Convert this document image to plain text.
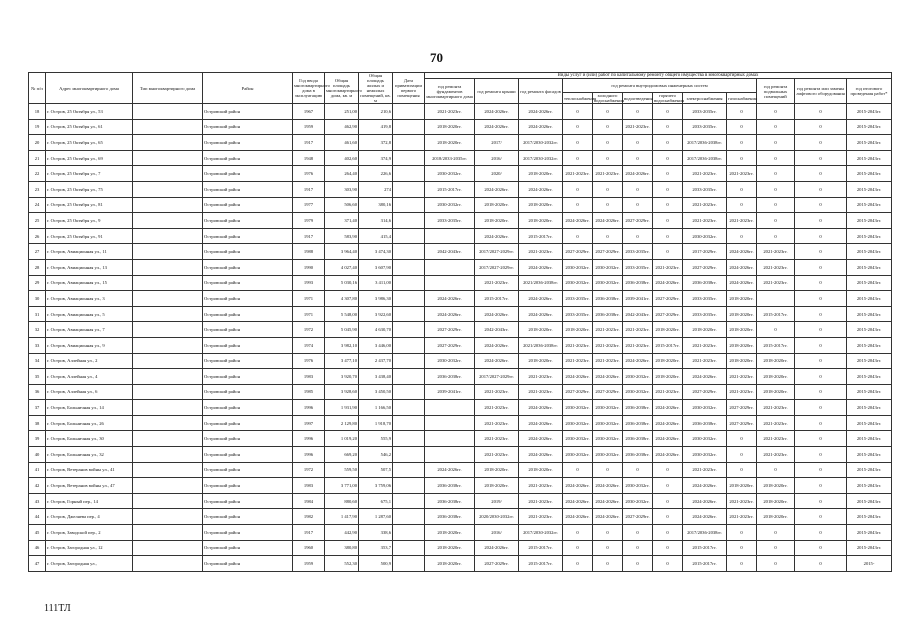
70
№ п/п	Адрес многоквартирного дома	Тип многоквартирного дома	Район	Год ввода многоквартирного дома в эксплуатацию	Общая площадь многоквартирного дома, кв. м	Общая площадь жилых и нежилых помещений, кв. м	Дата приватизации первого помещения	Виды услуг и (или) работ по капитальному ремонту общего имущества в многоквартирных домах											
								год ремонта фундаментов многоквартирного дома	год ремонта крыши	год ремонта фасадов	год ремонта внутридомовых инженерных систем						год ремонта подвальных помещений	год ремонта или замены лифтового оборудования	год итогового проведения работ*
											теплоснабжения	холодного водоснабжения	водоотведения	горячего водоснабжения	электроснабжения	газоснабжения			
18	г. Остров, 25 Октября ул., 53		Островский район	1967	251,00	210,6		2021-2023гг.	2024-2026гг.	2024-2026гг.	0	0	0	0	2033-2035гг.	0	0	0	2015-2043гг.
19	г. Остров, 25 Октября ул., 61		Островский район	1959	462,90	419,8		2018-2020гг.	2024-2026гг.	2024-2026гг.	0	0	2021-2023гг.	0	2033-2035гг.	0	0	0	2015-2043гг.
20	г. Остров, 25 Октября ул., 65		Островский район	1917	461,60	372,8		2018-2020гг.	2017/	2017/2030-2032гг.	0	0	0	0	2017/2036-2038гг.	0	0	0	2015-2043гг.
21	г. Остров, 25 Октября ул., 69		Островский район	1948	402,60	374,9		2018/2033-2035гг.	2016/	2017/2030-2032гг.	0	0	0	0	2017/2036-2038гг.	0	0	0	2015-2043гг.
22	г. Остров, 25 Октября ул., 7		Островский район	1976	264,40	226,6		2030-2032гг.	2020/	2018-2020гг.	2021-2023гг.	2021-2023гг.	2024-2026гг.	0	2021-2023гг.	2021-2023гг.	0	0	2015-2043гг.
23	г. Остров, 25 Октября ул., 75		Островский район	1917	303,90	274		2015-2017гг.	2024-2026гг.	2024-2026гг.	0	0	0	0	2033-2035гг.	0	0	0	2015-2043гг.
24	г. Остров, 25 Октября ул., 81		Островский район	1977	506,60	380,16		2030-2032гг.	2018-2020гг.	2018-2020гг.	0	0	0	0	2021-2023гг.	0	0	0	2015-2043гг.
25	г. Остров, 25 Октября ул., 9		Островский район	1979	371,40	314,6		2033-2035гг.	2018-2020гг.	2018-2020гг.	2024-2026гг.	2024-2026гг.	2027-2029гг.	0	2021-2023гг.	2021-2023гг.	0	0	2015-2043гг.
26	г. Остров, 25 Октября ул., 91		Островский район	1917	583,90	415,4			2024-2026гг.	2015-2017гг.	0	0	0	0	2030-2032гг.	0	0	0	2015-2043гг.
27	г. Остров, Авиационная ул., 11		Островский район	1988	3 964,40	3 474,30		2042-2043гг.	2017/2027-2029гг.	2021-2023гг.	2027-2029гг.	2027-2029гг.	2033-2035гг.	0	2017-2029гг.	2024-2026гг.	2021-2023гг.	0	2015-2043гг.
28	г. Остров, Авиационная ул., 13		Островский район	1990	4 027,40	3 607,90			2017/2027-2029гг.	2024-2026гг.	2030-2032гг.	2030-2032гг.	2033-2035гг.	2021-2023гг.	2027-2029гг.	2024-2026гг.	2021-2023гг.	0	2015-2043гг.
29	г. Остров, Авиационная ул., 15		Островский район	1993	5 030,16	3 411,00			2021-2023гг.	2021/2036-2038гг.	2030-2032гг.	2030-2032гг.	2036-2038гг.	2024-2026гг.	2036-2038гг.	2024-2026гг.	2021-2023гг.	0	2015-2043гг.
30	г. Остров, Авиационная ул., 3		Островский район	1971	4 307,80	3 986,30		2024-2026гг.	2015-2017гг.	2024-2026гг.	2033-2035гг.	2036-2038гг.	2039-2041гг.	2027-2029гг.	2033-2035гг.	2018-2020гг.		0	2015-2043гг.
31	г. Остров, Авиационная ул., 5		Островский район	1971	5 548,00	3 922,60		2024-2026гг.	2024-2026гг.	2024-2026гг.	2033-2035гг.	2036-2038гг.	2042-2043гг.	2027-2029гг.	2033-2035гг.	2018-2020гг.	2015-2017гг.	0	2015-2043гг.
32	г. Остров, Авиационная ул., 7		Островский район	1972	5 045,90	4 630,70		2027-2029гг.	2042-2043гг.	2018-2020гг.	2018-2020гг.	2021-2023гг.	2021-2023гг.	2018-2020гг.	2018-2020гг.	2018-2020гг.	0	0	2015-2043гг.
33	г. Остров, Авиационная ул., 9		Островский район	1974	3 982,10	3 446,00		2027-2029гг.	2024-2026гг.	2021/2036-2038гг.	2021-2023гг.	2021-2023гг.	2021-2023гг.	2015-2017гг.	2021-2023гг.	2018-2020гг.	2015-2017гг.	0	2015-2043гг.
34	г. Остров, Аллейная ул., 2		Островский район	1976	3 477,10	2 437,70		2030-2032гг.	2024-2026гг.	2018-2020гг.	2021-2023гг.	2021-2023гг.	2024-2026гг.	2018-2020гг.	2021-2023гг.	2018-2020гг.	2018-2020гг.	0	2015-2043гг.
35	г. Остров, Аллейная ул., 4		Островский район	1983	3 920,70	3 438,40		2036-2038гг.	2017/2027-2029гг.	2021-2023гг.	2024-2026гг.	2024-2026гг.	2030-2032гг.	2018-2020гг.	2024-2026гг.	2021-2023гг.	2018-2020гг.	0	2015-2043гг.
36	г. Остров, Аллейная ул., 6		Островский район	1985	3 928,60	3 450,50		2039-2041гг.	2021-2023гг.	2021-2023гг.	2027-2029гг.	2027-2029гг.	2030-2032гг.	2021-2023гг.	2027-2029гг.	2021-2023гг.	2018-2020гг.	0	2015-2043гг.
37	г. Остров, Больничная ул., 14		Островский район	1996	1 931,90	1 166,50			2021-2023гг.	2024-2026гг.	2030-2032гг.	2030-2032гг.	2036-2038гг.	2024-2026гг.	2030-2032гг.	2027-2029гг.	2021-2023гг.	0	2015-2043гг.
38	г. Остров, Больничная ул., 26		Островский район	1997	2 129,80	1 918,70			2021-2023гг.	2024-2026гг.	2030-2032гг.	2030-2032гг.	2036-2038гг.	2024-2026гг.	2036-2038гг.	2027-2029гг.	2021-2023гг.	0	2015-2043гг.
39	г. Остров, Больничная ул., 30		Островский район	1996	1 019,20	555,9			2021-2023гг.	2024-2026гг.	2030-2032гг.	2030-2032гг.	2036-2038гг.	2024-2026гг.	2030-2032гг.	0	2021-2023гг.	0	2015-2043гг.
40	г. Остров, Больничная ул., 32		Островский район	1996	669,20	546,2			2021-2023гг.	2024-2026гг.	2030-2032гг.	2030-2032гг.	2036-2038гг.	2024-2026гг.	2030-2032гг.	0	2021-2023гг.	0	2015-2043гг.
41	г. Остров, Ветеранов войны ул., 41		Островский район	1972	559,50	507,5		2024-2026гг.	2018-2020гг.	2018-2020гг.	0	0	0	0	2021-2023гг.	0	0	0	2015-2043гг.
42	г. Остров, Ветеранов войны ул., 47		Островский район	1983	3 771,00	3 759,06		2036-2038гг.	2018-2020гг.	2021-2023гг.	2024-2026гг.	2024-2026гг.	2030-2032гг.	0	2024-2026гг.	2018-2020гг.	2018-2020гг.	0	2015-2043гг.
43	г. Остров, Горный пер., 14		Островский район	1984	880,60	675,1		2036-2038гг.	2019/	2021-2023гг.	2024-2026гг.	2024-2026гг.	2030-2032гг.	0	2024-2026гг.	2021-2023гг.	2018-2020гг.	0	2015-2043гг.
44	г. Остров, Джеляева пер., 4		Островский район	1982	1 417,90	1 287,60		2036-2038гг.	2020/2030-2032гг.	2021-2023гг.	2024-2026гг.	2024-2026гг.	2027-2029гг.	0	2024-2026гг.	2021-2023гг.	2018-2020гг.	0	2015-2043гг.
45	г. Остров, Заводской пер., 2		Островский район	1917	442,90	338,6		2018-2020гг.	2016/	2017/2030-2032гг.	0	0	0	0	2017/2036-2038гг.	0	0	0	2015-2043гг.
46	г. Остров, Загородная ул., 12		Островский район	1960	380,80	353,7		2018-2020гг.	2024-2026гг.	2015-2017гг.	0	0	0	0	2015-2017гг.	0	0	0	2015-2043гг.
47	г. Остров, Загородная ул.,		Островский район	1959	552,30	500,9		2018-2020гг.	2027-2029гг.	2015-2017гг.	0	0	0	0	2015-2017гг.	0	0	0	2015-
111ТЛ
